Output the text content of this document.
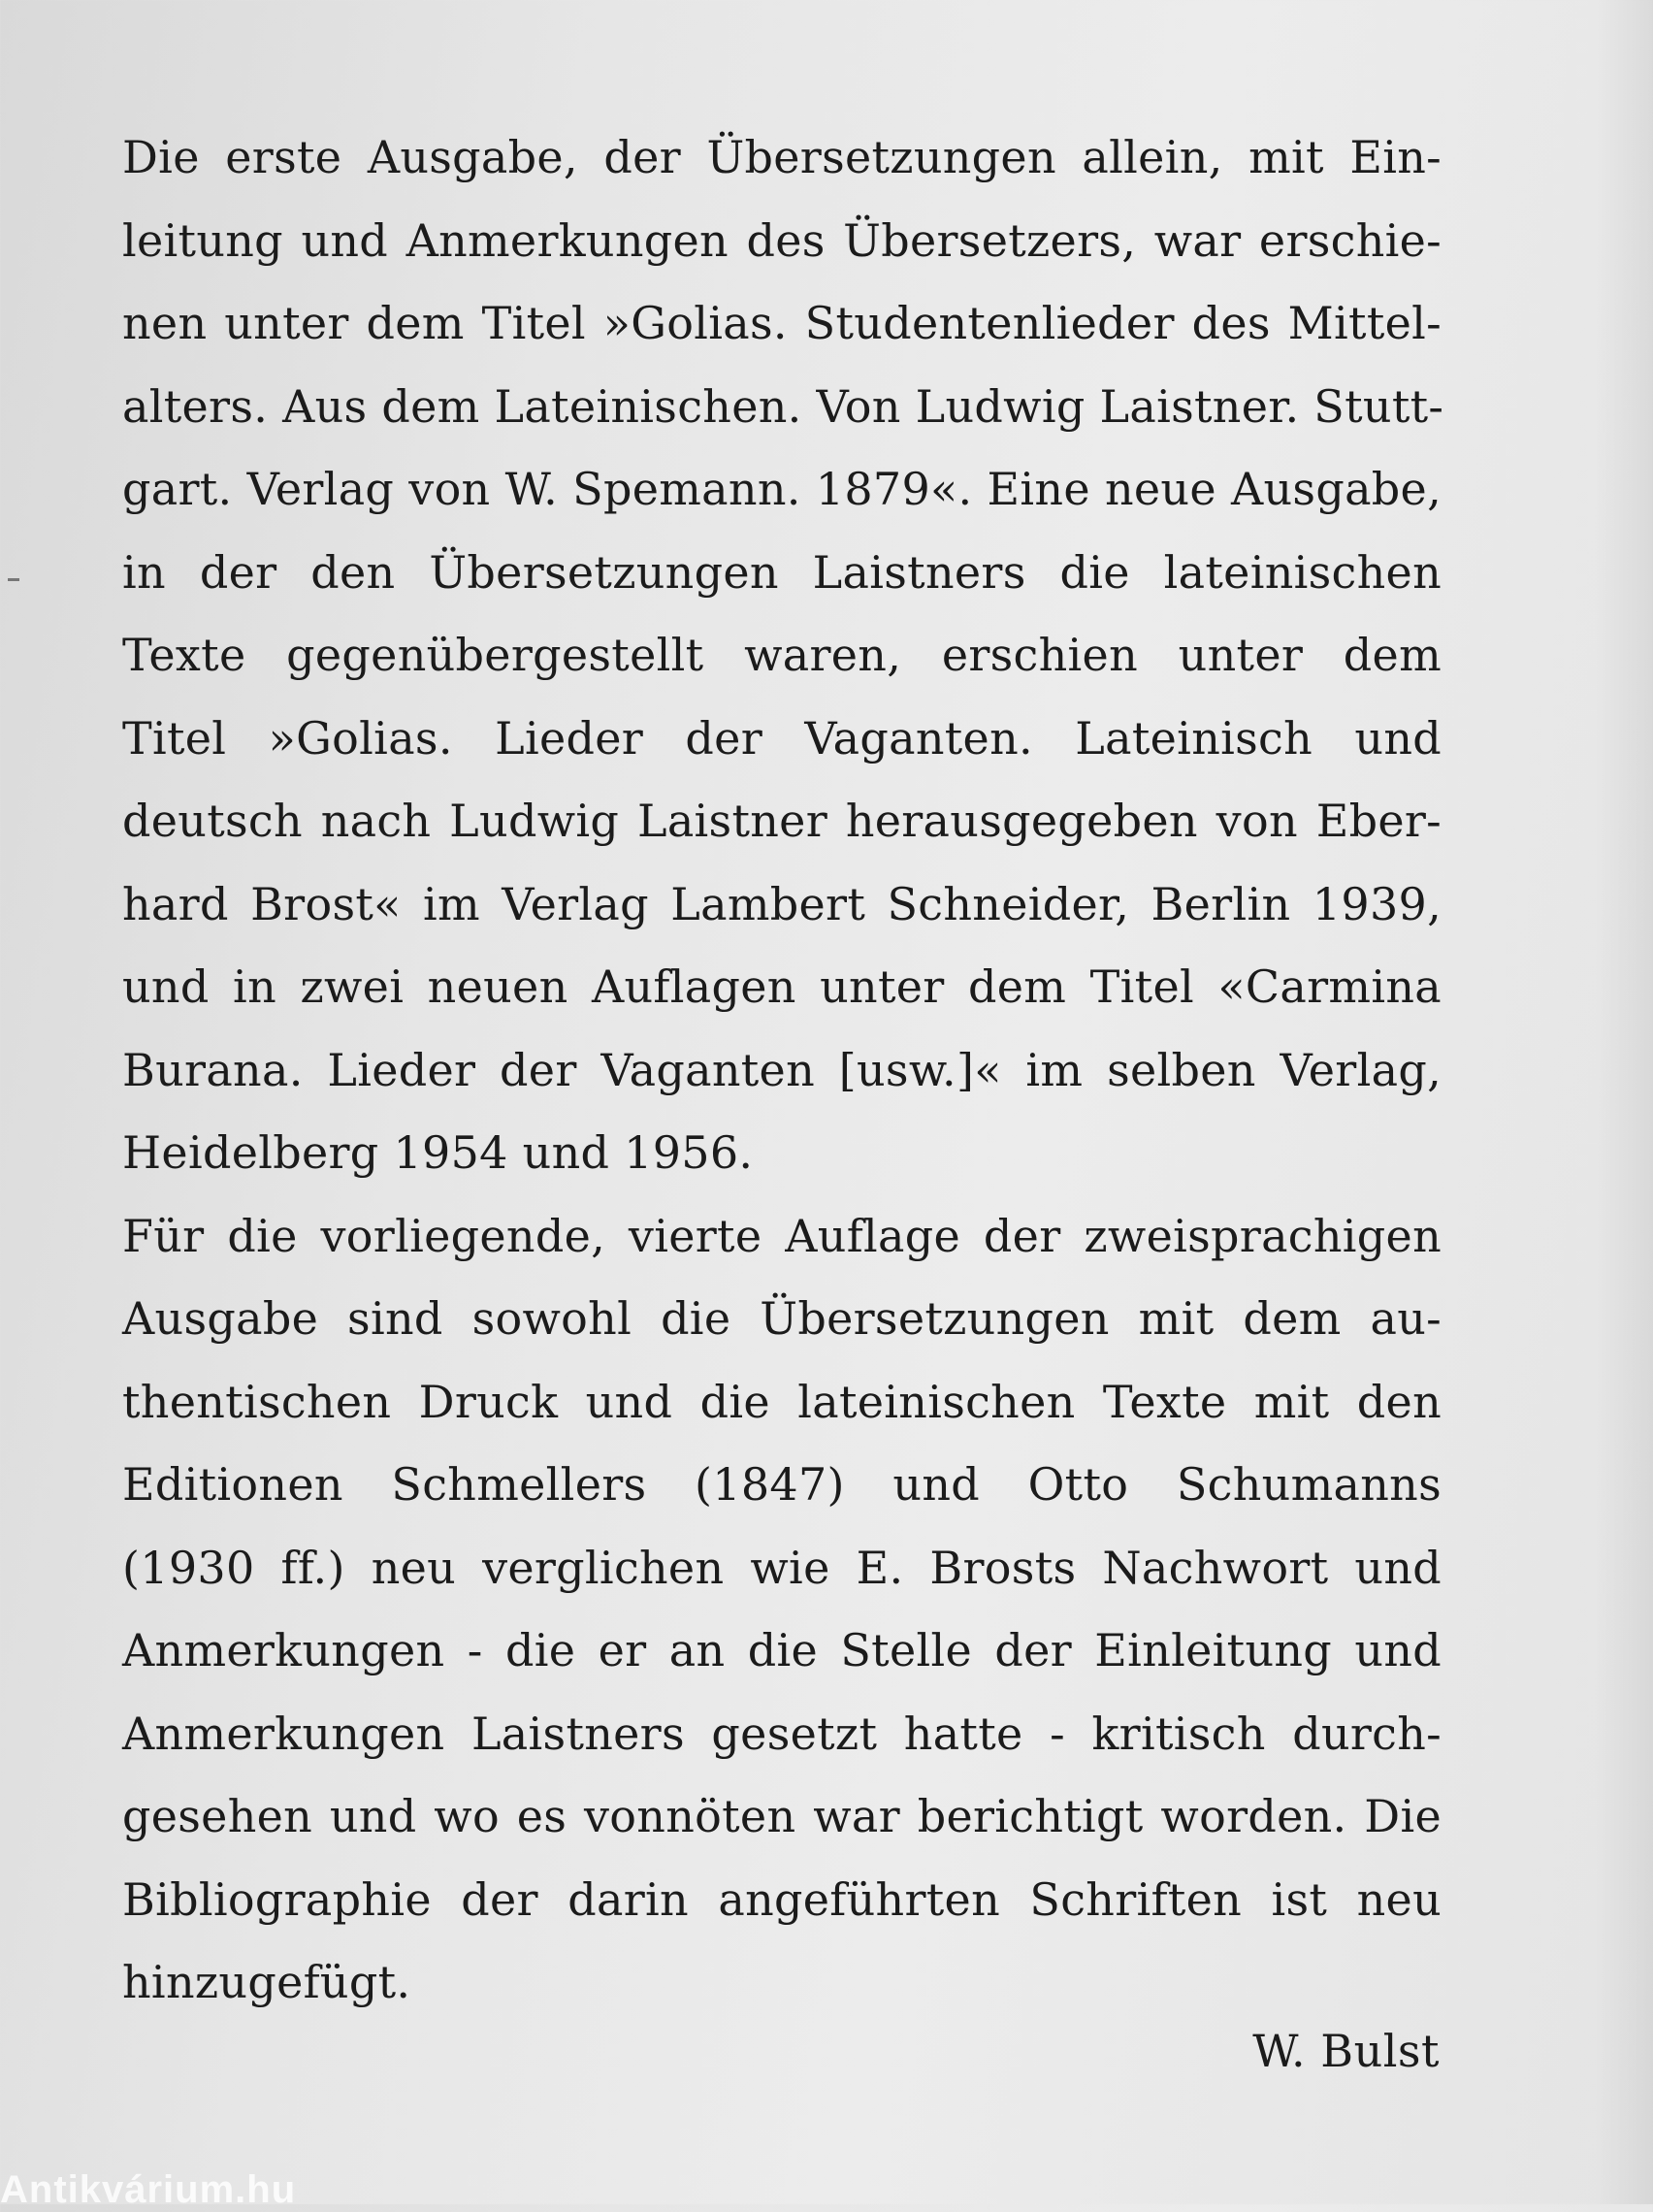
Die erste Ausgabe, der Übersetzungen allein, mit Ein-
leitung und Anmerkungen des Übersetzers, war erschie-
nen unter dem Titel »Golias. Studentenlieder des Mittel-
alters. Aus dem Lateinischen. Von Ludwig Laistner. Stutt-
gart. Verlag von W. Spemann. 1879«. Eine neue Ausgabe,
in der den Übersetzungen Laistners die lateinischen
Texte gegenübergestellt waren, erschien unter dem
Titel »Golias. Lieder der Vaganten. Lateinisch und
deutsch nach Ludwig Laistner herausgegeben von Eber-
hard Brost« im Verlag Lambert Schneider, Berlin 1939,
und in zwei neuen Auflagen unter dem Titel «Carmina
Burana. Lieder der Vaganten [usw.]« im selben Verlag,
Heidelberg 1954 und 1956.
Für die vorliegende, vierte Auflage der zweisprachigen
Ausgabe sind sowohl die Übersetzungen mit dem au-
thentischen Druck und die lateinischen Texte mit den
Editionen Schmellers (1847) und Otto Schumanns
(1930 ff.) neu verglichen wie E. Brosts Nachwort und
Anmerkungen - die er an die Stelle der Einleitung und
Anmerkungen Laistners gesetzt hatte - kritisch durch-
gesehen und wo es vonnöten war berichtigt worden. Die
Bibliographie der darin angeführten Schriften ist neu
hinzugefügt.
W. Bulst
Antikvárium.hu
